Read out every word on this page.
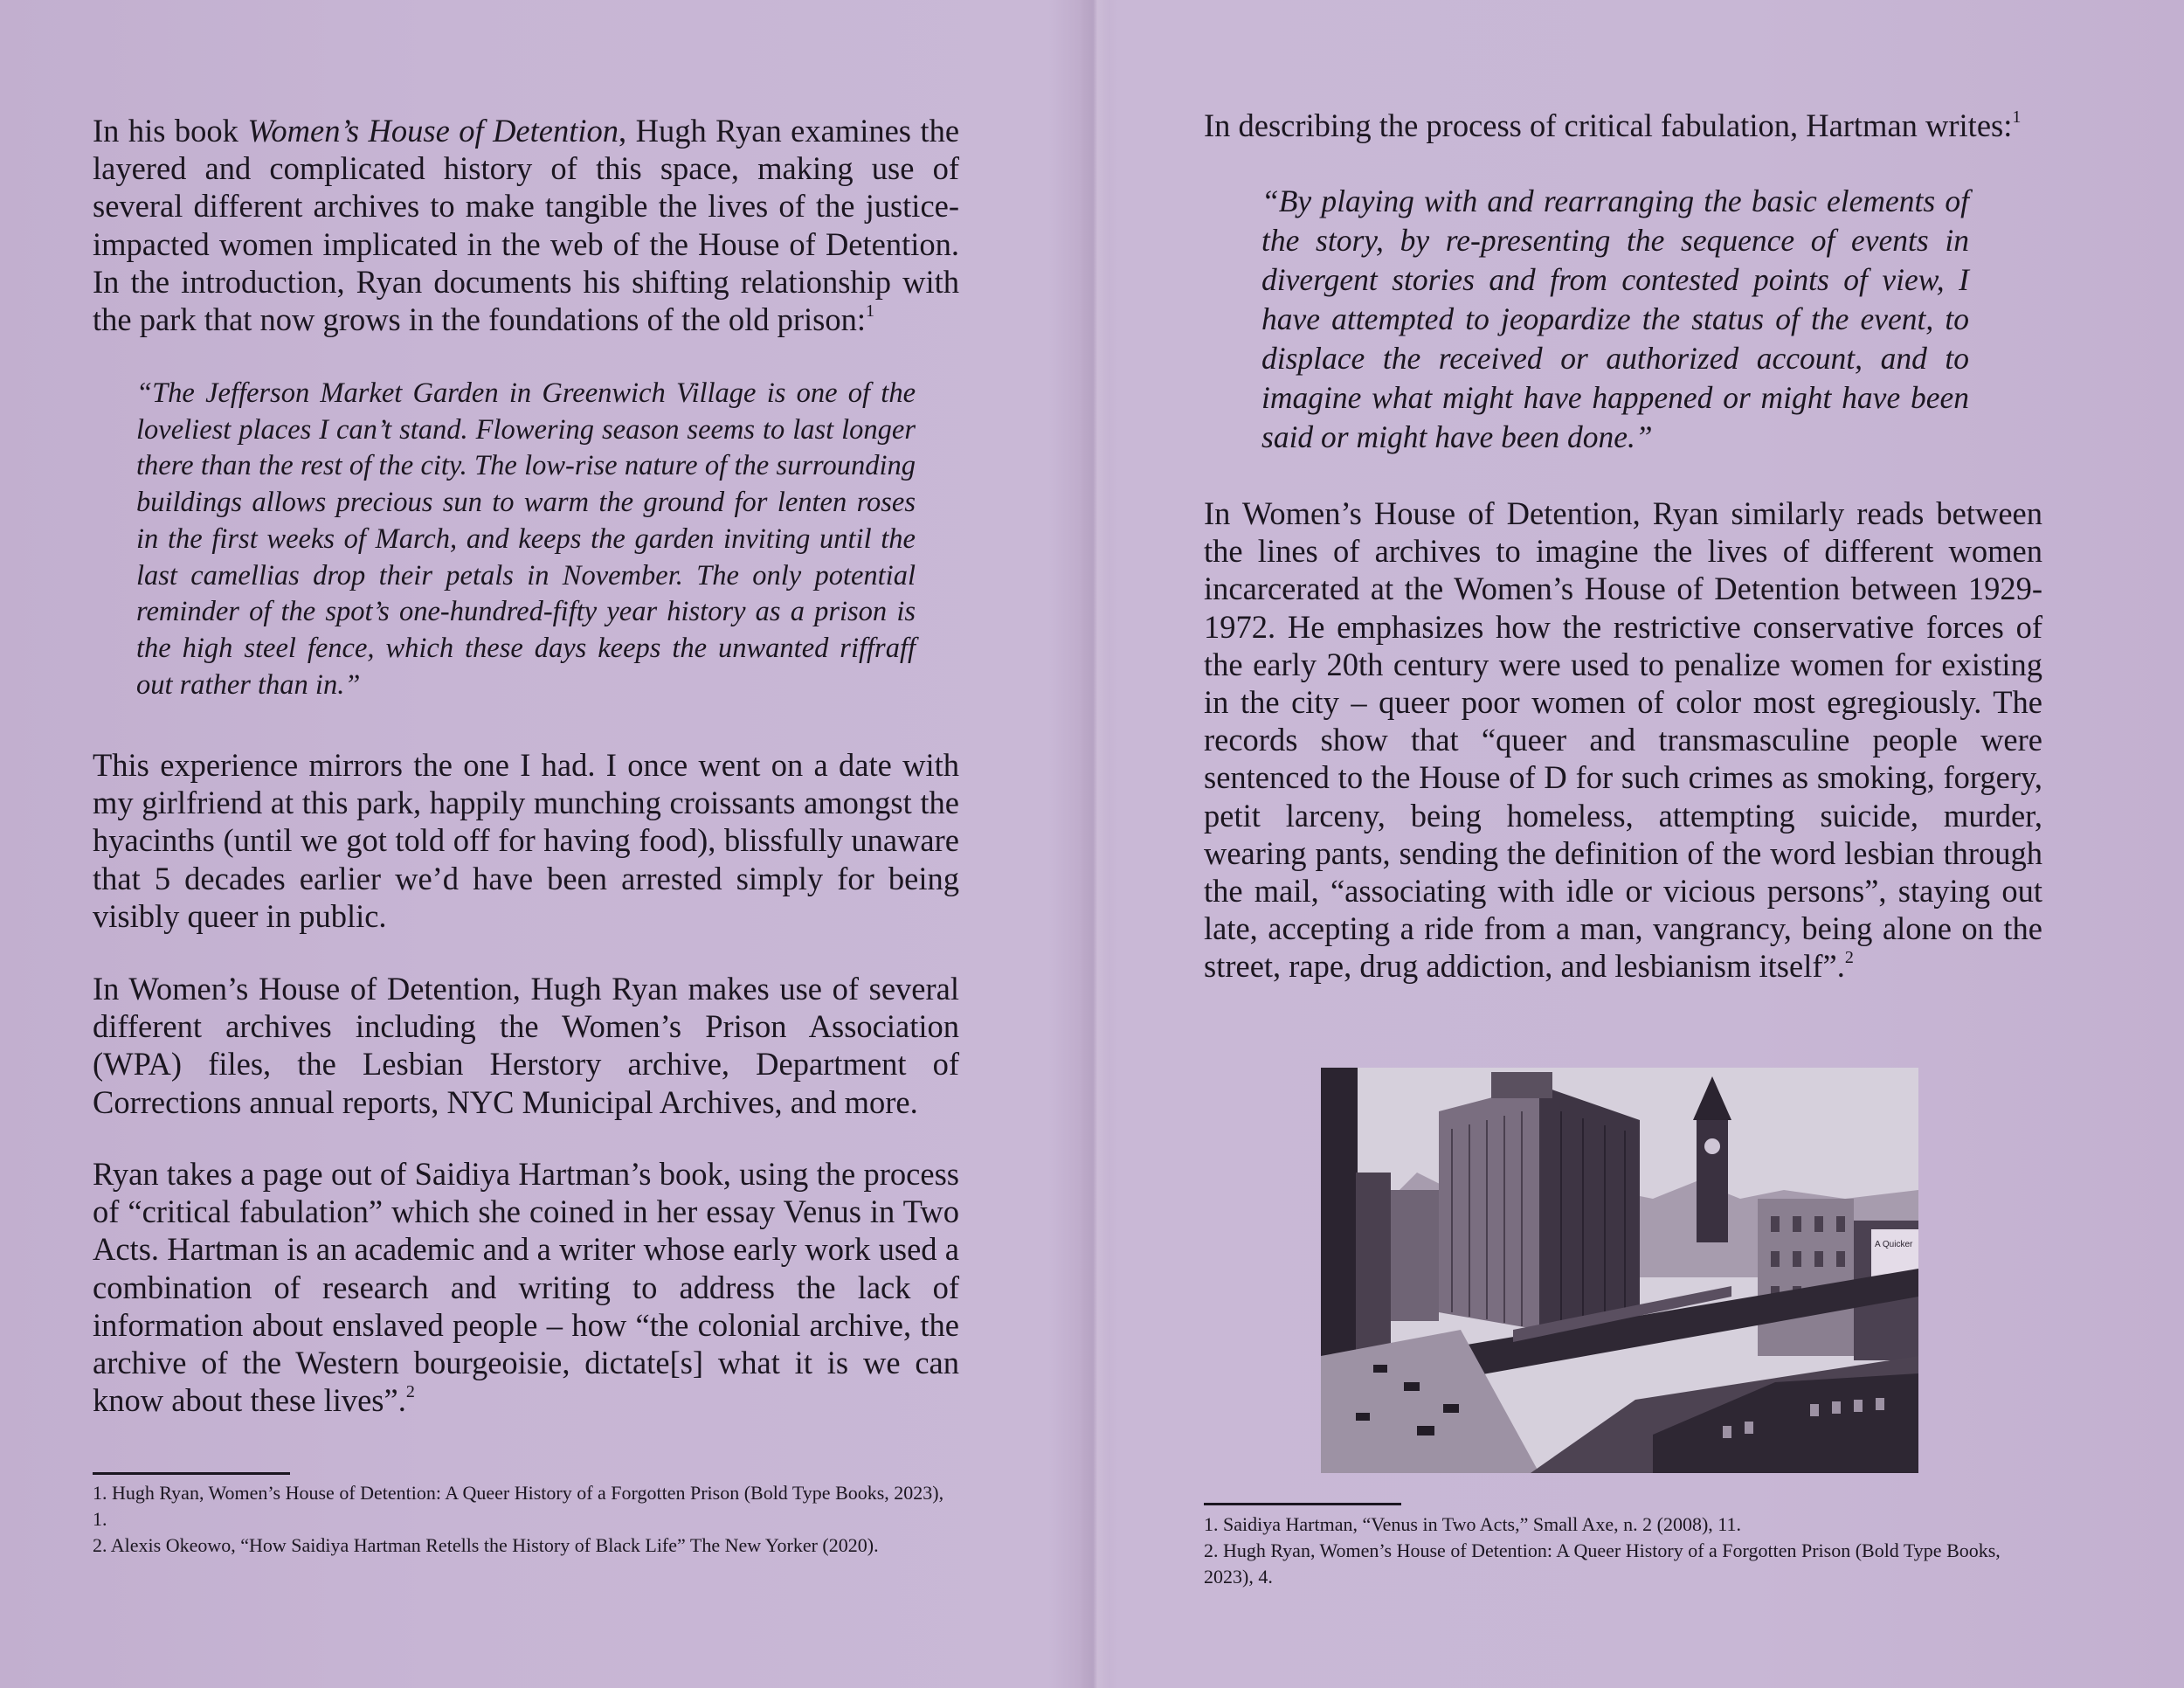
In his book Women’s House of Detention, Hugh Ryan examines the layered and complicated history of this space, making use of several different archives to make tangible the lives of the justice-impacted women implicated in the web of the House of Detention. In the introduction, Ryan documents his shifting relationship with the park that now grows in the foundations of the old prison:$^1$

“The Jefferson Market Garden in Greenwich Village is one of the loveliest places I can’t stand. Flowering season seems to last longer there than the rest of the city. The low-rise nature of the surrounding buildings allows precious sun to warm the ground for lenten roses in the first weeks of March, and keeps the garden inviting until the last camellias drop their petals in November. The only potential reminder of the spot’s one-hundred-fifty year history as a prison is the high steel fence, which these days keeps the unwanted riffraff out rather than in.”

This experience mirrors the one I had. I once went on a date with my girlfriend at this park, happily munching croissants amongst the hyacinths (until we got told off for having food), blissfully unaware that 5 decades earlier we’d have been arrested simply for being visibly queer in public.

In Women’s House of Detention, Hugh Ryan makes use of several different archives including the Women’s Prison Association (WPA) files, the Lesbian Herstory archive, Department of Corrections annual reports, NYC Municipal Archives, and more.

Ryan takes a page out of Saidiya Hartman’s book, using the process of “critical fabulation” which she coined in her essay Venus in Two Acts. Hartman is an academic and a writer whose early work used a combination of research and writing to address the lack of information about enslaved people – how “the colonial archive, the archive of the Western bourgeoisie, dictate[s] what it is we can know about these lives”.$^2$

1. Hugh Ryan, Women’s House of Detention: A Queer History of a Forgotten Prison (Bold Type Books, 2023), 1.
2. Alexis Okeowo, “How Saidiya Hartman Retells the History of Black Life” The New Yorker (2020).

In describing the process of critical fabulation, Hartman writes:$^1$

“By playing with and rearranging the basic elements of the story, by re-presenting the sequence of events in divergent stories and from contested points of view, I have attempted to jeopardize the status of the event, to displace the received or authorized account, and to imagine what might have happened or might have been said or might have been done.”

In Women’s House of Detention, Ryan similarly reads between the lines of archives to imagine the lives of different women incarcerated at the Women’s House of Detention between 1929-1972. He emphasizes how the restrictive conservative forces of the early 20th century were used to penalize women for existing in the city – queer poor women of color most egregiously. The records show that “queer and transmasculine people were sentenced to the House of D for such crimes as smoking, forgery, petit larceny, being homeless, attempting suicide, murder, wearing pants, sending the definition of the word lesbian through the mail, “associating with idle or vicious persons”, staying out late, accepting a ride from a man, vangrancy, being alone on the street, rape, drug addiction, and lesbianism itself”.$^2$

1. Saidiya Hartman, “Venus in Two Acts,” Small Axe, n. 2 (2008), 11.
2. Hugh Ryan, Women’s House of Detention: A Queer History of a Forgotten Prison (Bold Type Books, 2023), 4.
A Quicker
